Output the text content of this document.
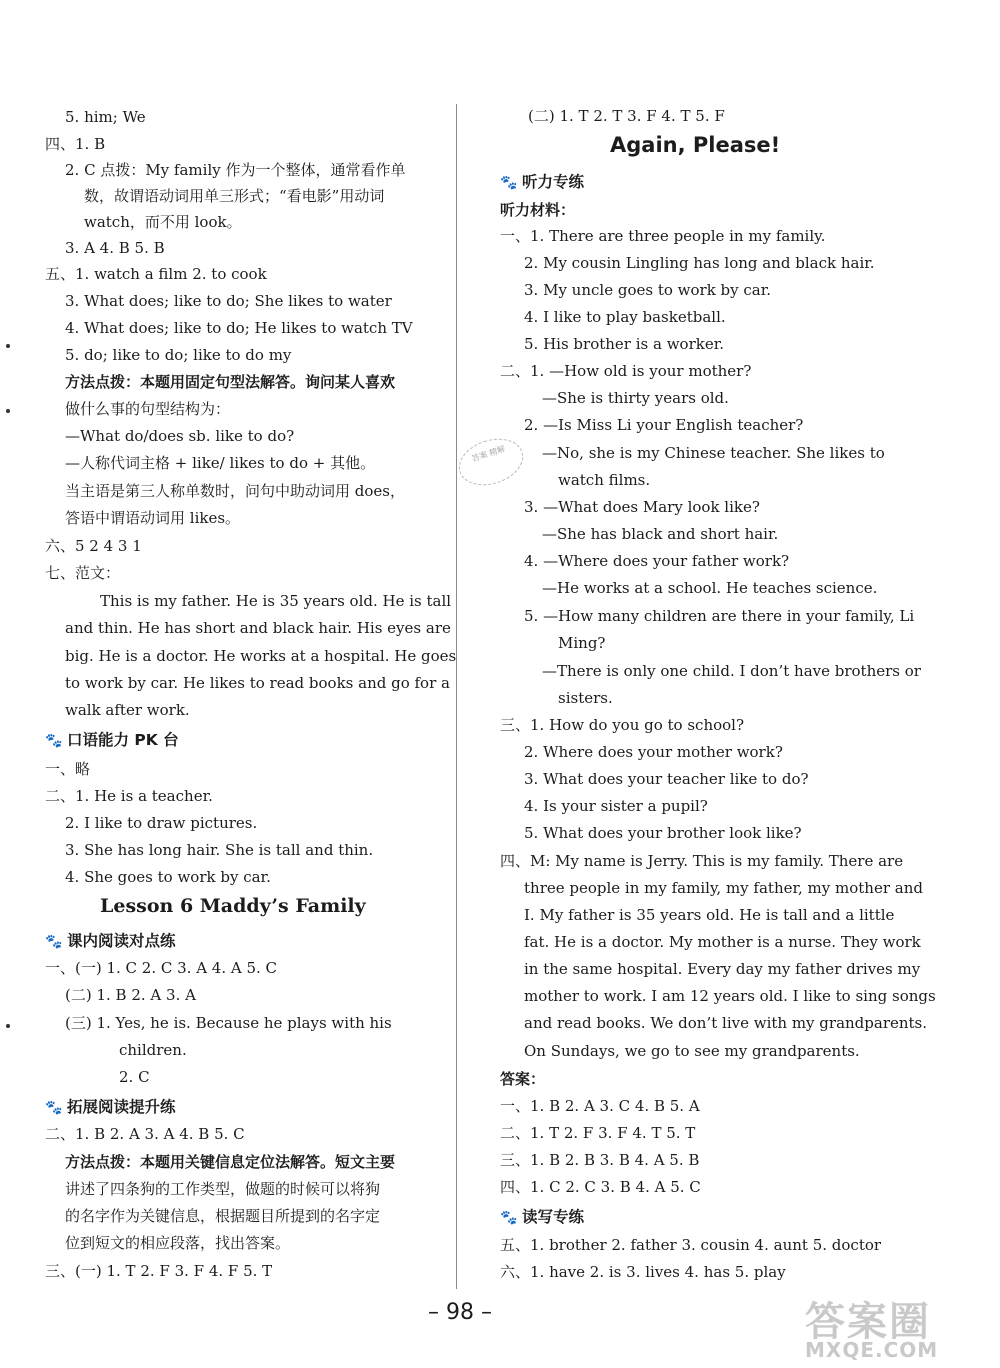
5. him; We
四、1. B
2. C 点拨：My family 作为一个整体，通常看作单
数，故谓语动词用单三形式；“看电影”用动词
watch，而不用 look。
3. A 4. B 5. B
五、1. watch a film 2. to cook
3. What does; like to do; She likes to water
4. What does; like to do; He likes to watch TV
5. do; like to do; like to do my
方法点拨：本题用固定句型法解答。询问某人喜欢
做什么事的句型结构为：
—What do/does sb. like to do?
—人称代词主格 + like/ likes to do + 其他。
当主语是第三人称单数时，问句中助动词用 does，
答语中谓语动词用 likes。
六、5 2 4 3 1
七、范文：
This is my father. He is 35 years old. He is tall
and thin. He has short and black hair. His eyes are
big. He is a doctor. He works at a hospital. He goes
to work by car. He likes to read books and go for a
walk after work.
🐾 口语能力 PK 台
一、略
二、1. He is a teacher.
2. I like to draw pictures.
3. She has long hair. She is tall and thin.
4. She goes to work by car.
Lesson 6 Maddy’s Family
🐾 课内阅读对点练
一、(一) 1. C 2. C 3. A 4. A 5. C
(二) 1. B 2. A 3. A
(三) 1. Yes, he is. Because he plays with his
children.
2. C
🐾 拓展阅读提升练
二、1. B 2. A 3. A 4. B 5. C
方法点拨：本题用关键信息定位法解答。短文主要
讲述了四条狗的工作类型，做题的时候可以将狗
的名字作为关键信息，根据题目所提到的名字定
位到短文的相应段落，找出答案。
三、(一) 1. T 2. F 3. F 4. F 5. T
(二) 1. T 2. T 3. F 4. T 5. F
Again, Please!
🐾 听力专练
听力材料：
一、1. There are three people in my family.
2. My cousin Lingling has long and black hair.
3. My uncle goes to work by car.
4. I like to play basketball.
5. His brother is a worker.
二、1. —How old is your mother?
—She is thirty years old.
2. —Is Miss Li your English teacher?
—No, she is my Chinese teacher. She likes to
watch films.
3. —What does Mary look like?
—She has black and short hair.
4. —Where does your father work?
—He works at a school. He teaches science.
5. —How many children are there in your family, Li
Ming?
—There is only one child. I don’t have brothers or
sisters.
三、1. How do you go to school?
2. Where does your mother work?
3. What does your teacher like to do?
4. Is your sister a pupil?
5. What does your brother look like?
四、M: My name is Jerry. This is my family. There are
three people in my family, my father, my mother and
I. My father is 35 years old. He is tall and a little
fat. He is a doctor. My mother is a nurse. They work
in the same hospital. Every day my father drives my
mother to work. I am 12 years old. I like to sing songs
and read books. We don’t live with my grandparents.
On Sundays, we go to see my grandparents.
答案：
一、1. B 2. A 3. C 4. B 5. A
二、1. T 2. F 3. F 4. T 5. T
三、1. B 2. B 3. B 4. A 5. B
四、1. C 2. C 3. B 4. A 5. C
🐾 读写专练
五、1. brother 2. father 3. cousin 4. aunt 5. doctor
六、1. have 2. is 3. lives 4. has 5. play
答案 精解
– 98 –	答案圈
MXQE.COM
